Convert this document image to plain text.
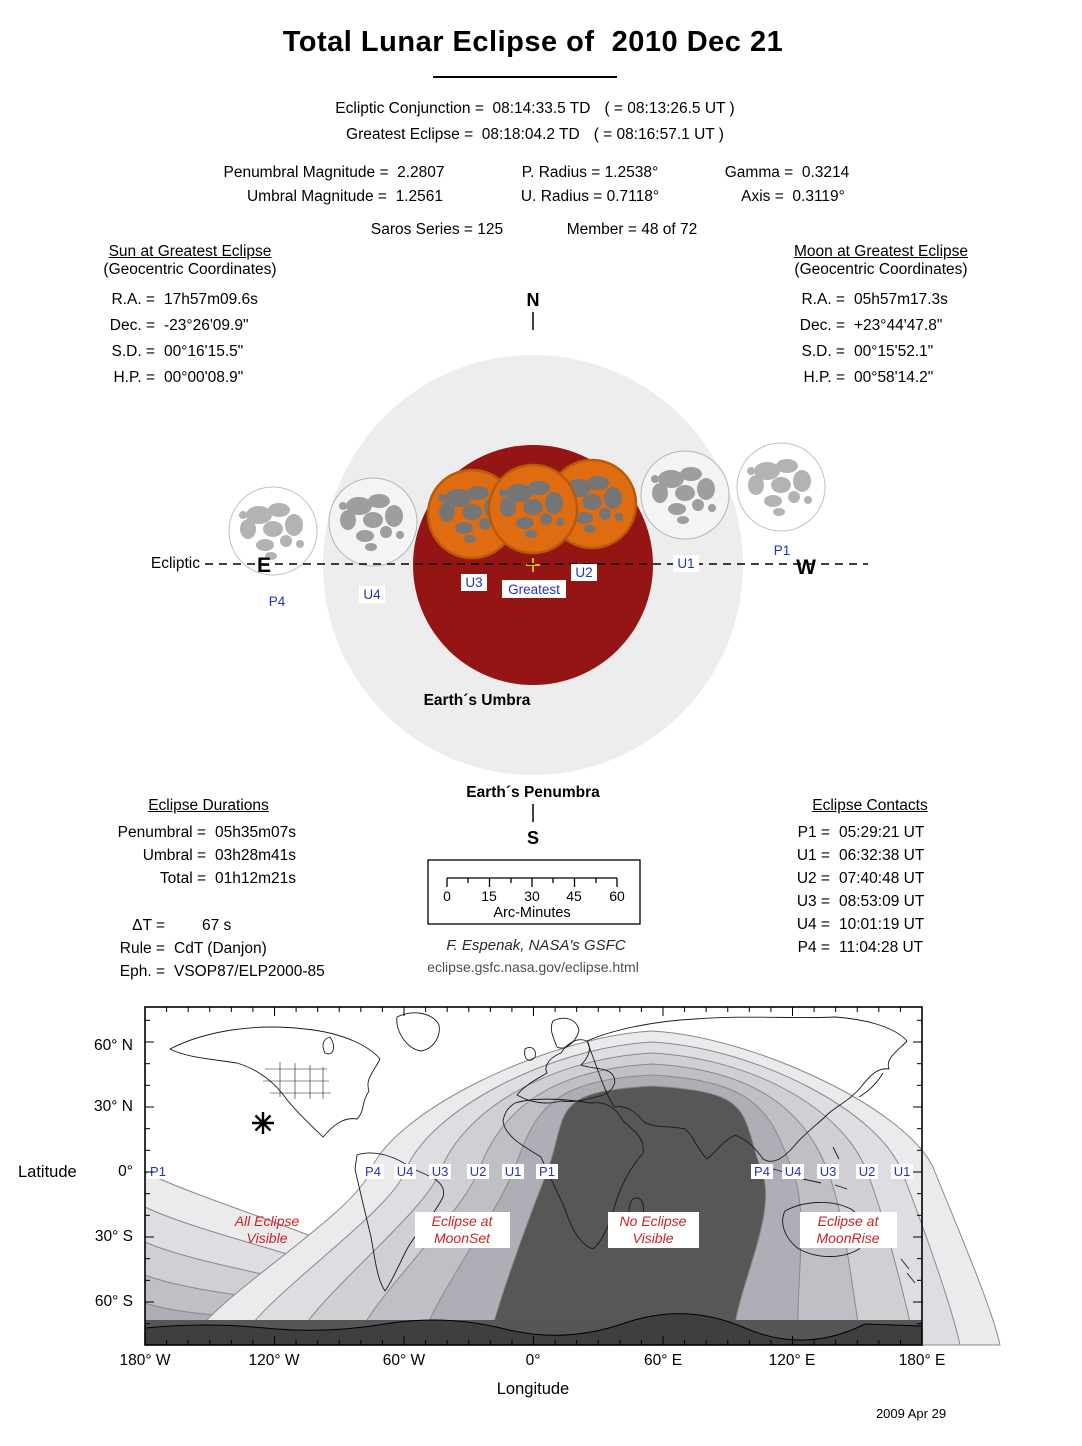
N
S
E	W
Ecliptic
Earth´s Umbra
Earth´s Penumbra
P4	U4
U3 Greatest
U2
U1
P1
0 15 30 45 60
Arc-Minutes
F. Espenak, NASA's GSFC
eclipse.gsfc.nasa.gov/eclipse.html
All Eclipse
Visible
Eclipse at
MoonSet
No Eclipse
Visible
Eclipse at
MoonRise
P1	P4 U4 U3 U2 U1 P1	P4 U4 U3 U2 U1
Total Lunar Eclipse of  2010 Dec 21
Ecliptic Conjunction =  08:14:33.5 TD ( = 08:13:26.5 UT )
Greatest Eclipse =  08:18:04.2 TD ( = 08:16:57.1 UT )
Penumbral Magnitude =  2.2807	P. Radius = 1.2538°	Gamma =  0.3214
Umbral Magnitude =  1.2561	U. Radius = 0.7118°	Axis =  0.3119°
Saros Series = 125	Member = 48 of 72
Sun at Greatest Eclipse
(Geocentric Coordinates)
R.A. = 17h57m09.6s
Dec. = -23°26'09.9"
S.D. = 00°16'15.5"
H.P. = 00°00'08.9"
Moon at Greatest Eclipse
(Geocentric Coordinates)
R.A. = 05h57m17.3s
Dec. = +23°44'47.8"
S.D. = 00°15'52.1"
H.P. = 00°58'14.2"
Eclipse Durations
Penumbral = 05h35m07s
Umbral = 03h28m41s
Total = 01h12m21s
ΔT =	67 s
Rule = CdT (Danjon)
Eph. = VSOP87/ELP2000-85
Eclipse Contacts
P1 = 05:29:21 UT
U1 = 06:32:38 UT
U2 = 07:40:48 UT
U3 = 08:53:09 UT
U4 = 10:01:19 UT
P4 = 11:04:28 UT
Latitude
60° N
30° N
0°
30° S
60° S
180° W	120° W	60° W	0°	60° E	120° E	180° E
Longitude
2009 Apr 29
